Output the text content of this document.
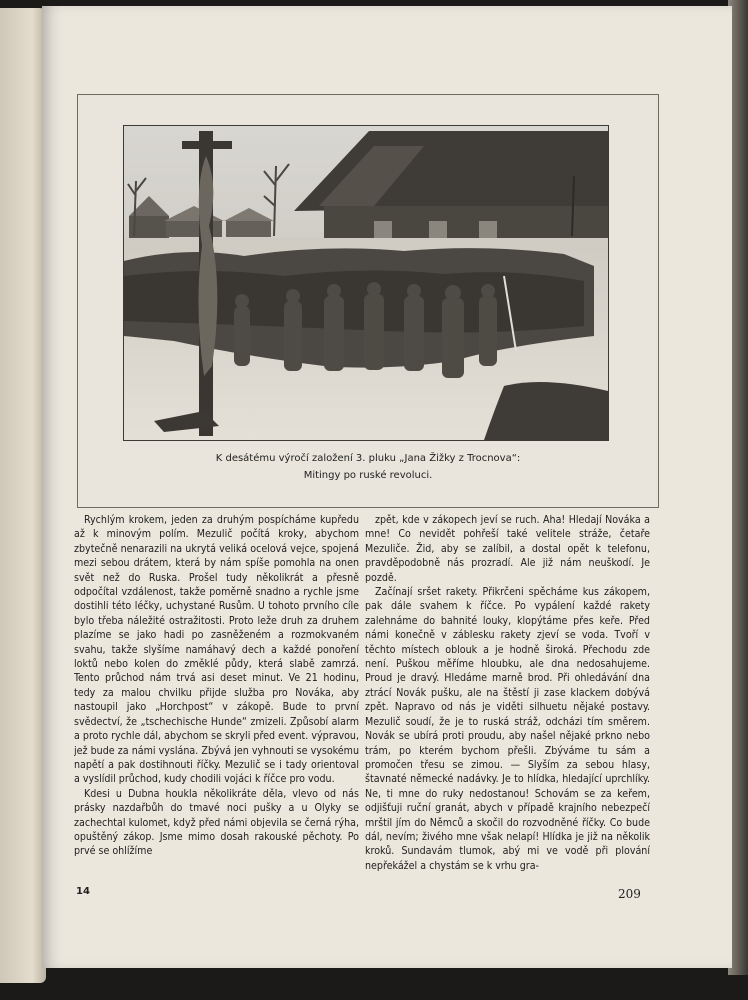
K desátému výročí založení 3. pluku „Jana Žižky z Trocnova“:
Mitingy po ruské revoluci.

Rychlým krokem, jeden za druhým pospícháme kupředu až k minovým polím. Mezulič počítá kroky, abychom zbytečně nenarazili na ukrytá veliká ocelová vejce, spojená mezi sebou drátem, která by nám spíše pomohla na onen svět než do Ruska. Prošel tudy několikrát a přesně odpočítal vzdálenost, takže poměrně snadno a rychle jsme dostihli této léčky, uchystané Rusům. U tohoto prvního cíle bylo třeba náležité ostražitosti. Proto leže druh za druhem plazíme se jako hadi po zasněženém a rozmokvaném svahu, takže slyšíme namáhavý dech a každé ponoření loktů nebo kolen do změklé půdy, která slabě zamrzá. Tento průchod nám trvá asi deset minut. Ve 21 hodinu, tedy za malou chvilku přijde služba pro Nováka, aby nastoupil jako „Horchpost“ v zákopě. Bude to první svědectví, že „tschechische Hunde“ zmizeli. Způsobí alarm a proto rychle dál, abychom se skryli před event. výpravou, jež bude za námi vyslána. Zbývá jen vyhnouti se vysokému napětí a pak dostihnouti říčky. Mezulič se i tady orientoval a vyslídil průchod, kudy chodili vojáci k říčce pro vodu.

Kdesi u Dubna houkla několikráte děla, vlevo od nás prásky nazdařbůh do tmavé noci pušky a u Olyky se zachechtal kulomet, když před námi objevila se černá rýha, opuštěný zákop. Jsme mimo dosah rakouské pěchoty. Po prvé se ohlížíme

zpět, kde v zákopech jeví se ruch. Aha! Hledají Nováka a mne! Co nevidět pohřeší také velitele stráže, četaře Mezuliče. Žid, aby se zalíbil, a dostal opět k telefonu, pravděpodobně nás prozradí. Ale již nám neuškodí. Je pozdě.

Začínají sršet rakety. Přikrčeni spěcháme kus zákopem, pak dále svahem k říčce. Po vypálení každé rakety zalehnáme do bahnité louky, klopýtáme přes keře. Před námi konečně v záblesku rakety zjeví se voda. Tvoří v těchto místech oblouk a je hodně široká. Přechodu zde není. Puškou měříme hloubku, ale dna nedosahujeme. Proud je dravý. Hledáme marně brod. Při ohledávání dna ztrácí Novák pušku, ale na štěstí ji zase klackem dobývá zpět. Napravo od nás je viděti silhuetu nějaké postavy. Mezulič soudí, že je to ruská stráž, odcházi tím směrem. Novák se ubírá proti proudu, aby našel nějaké prkno nebo trám, po kterém bychom přešli. Zbýváme tu sám a promočen třesu se zimou. — Slyším za sebou hlasy, štavnaté německé nadávky. Je to hlídka, hledající uprchlíky. Ne, ti mne do ruky nedostanou! Schovám se za keřem, odjišťuji ruční granát, abych v případě krajního nebezpečí mrštil jím do Němců a skočil do rozvodněné říčky. Co bude dál, nevím; živého mne však nelapí! Hlídka je již na několik kroků. Sundavám tlumok, abý mi ve vodě při plování nepřekážel a chystám se k vrhu gra-

14	209
